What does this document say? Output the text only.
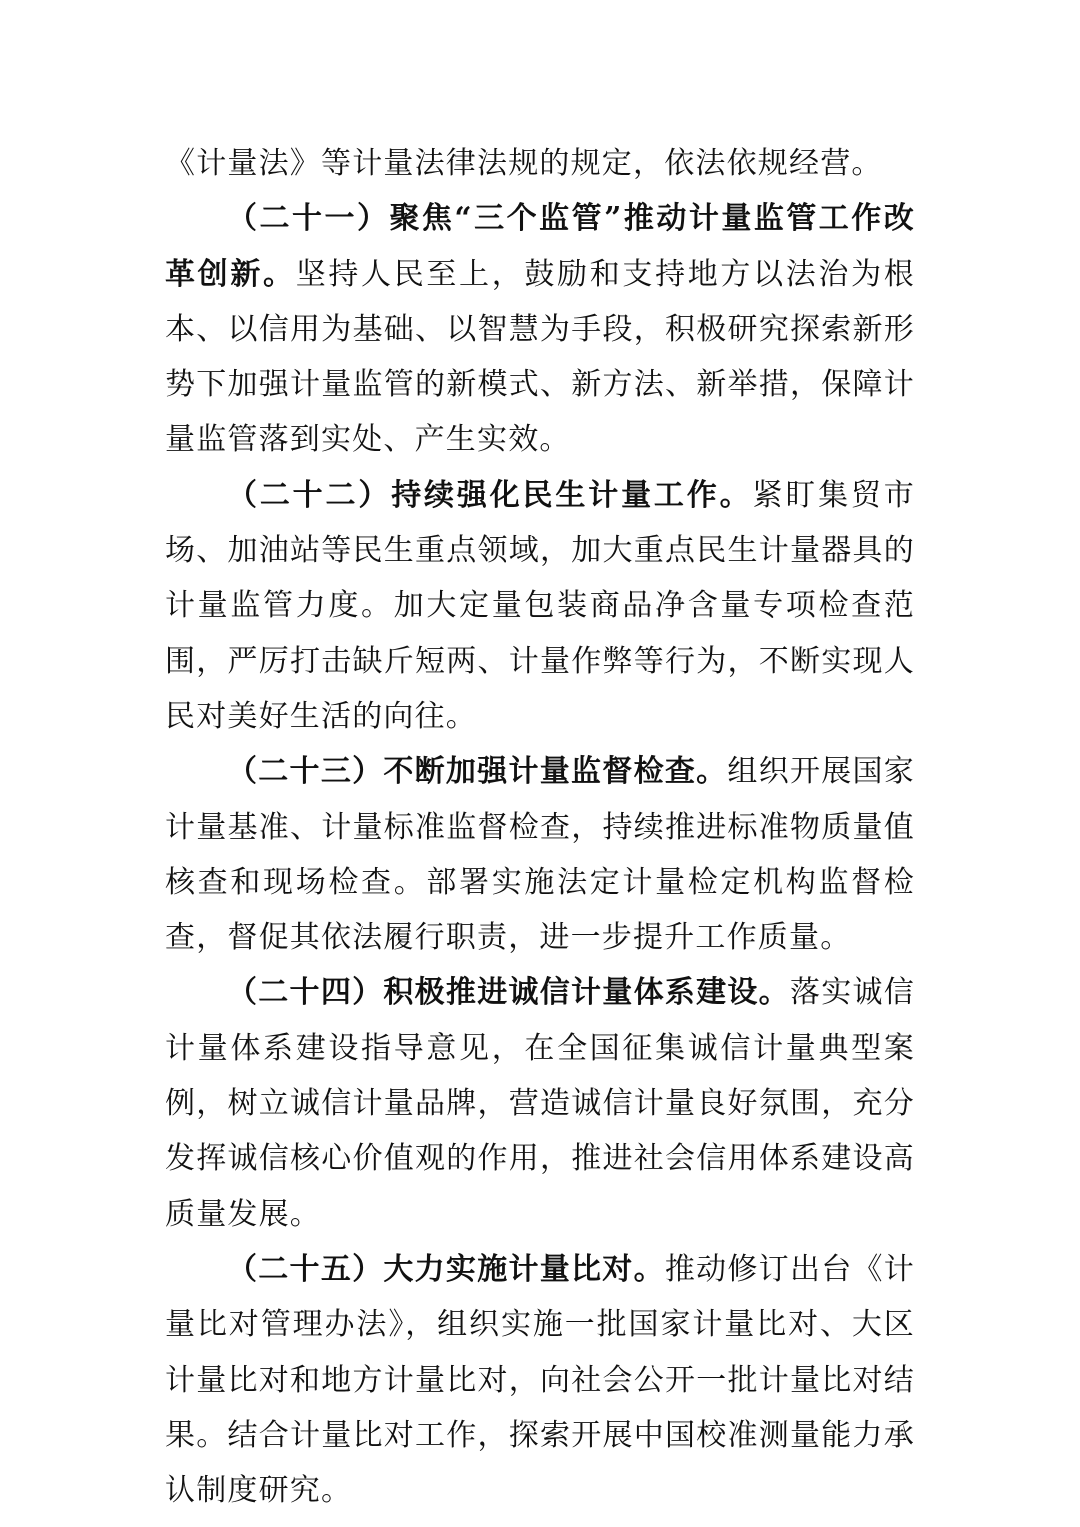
《计量法》等计量法律法规的规定，依法依规经营。

（二十一）聚焦“三个监管”推动计量监管工作改革创新。坚持人民至上，鼓励和支持地方以法治为根本、以信用为基础、以智慧为手段，积极研究探索新形势下加强计量监管的新模式、新方法、新举措，保障计量监管落到实处、产生实效。

（二十二）持续强化民生计量工作。紧盯集贸市场、加油站等民生重点领域，加大重点民生计量器具的计量监管力度。加大定量包装商品净含量专项检查范围，严厉打击缺斤短两、计量作弊等行为，不断实现人民对美好生活的向往。

（二十三）不断加强计量监督检查。组织开展国家计量基准、计量标准监督检查，持续推进标准物质量值核查和现场检查。部署实施法定计量检定机构监督检查，督促其依法履行职责，进一步提升工作质量。

（二十四）积极推进诚信计量体系建设。落实诚信计量体系建设指导意见，在全国征集诚信计量典型案例，树立诚信计量品牌，营造诚信计量良好氛围，充分发挥诚信核心价值观的作用，推进社会信用体系建设高质量发展。

（二十五）大力实施计量比对。推动修订出台《计量比对管理办法》，组织实施一批国家计量比对、大区计量比对和地方计量比对，向社会公开一批计量比对结果。结合计量比对工作，探索开展中国校准测量能力承认制度研究。
